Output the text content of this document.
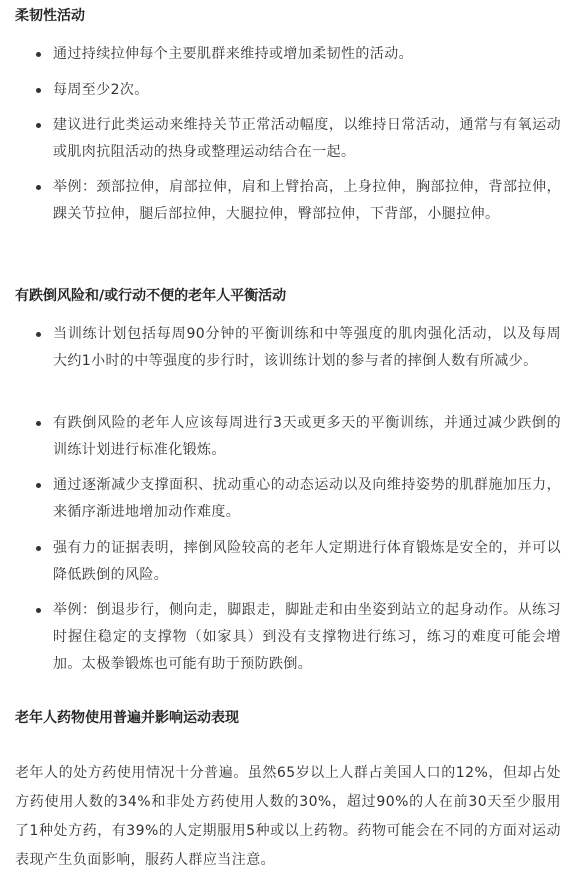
柔韧性活动
通过持续拉伸每个主要肌群来维持或增加柔韧性的活动。
每周至少2次。
建议进行此类运动来维持关节正常活动幅度，以维持日常活动，通常与有氧运动或肌肉抗阻活动的热身或整理运动结合在一起。
举例：颈部拉伸，肩部拉伸，肩和上臂抬高，上身拉伸，胸部拉伸，背部拉伸，踝关节拉伸，腿后部拉伸，大腿拉伸，臀部拉伸，下背部，小腿拉伸。
有跌倒风险和/或行动不便的老年人平衡活动
当训练计划包括每周90分钟的平衡训练和中等强度的肌肉强化活动，以及每周大约1小时的中等强度的步行时，该训练计划的参与者的摔倒人数有所减少。
有跌倒风险的老年人应该每周进行3天或更多天的平衡训练，并通过减少跌倒的训练计划进行标准化锻炼。
通过逐渐减少支撑面积、扰动重心的动态运动以及向维持姿势的肌群施加压力，来循序渐进地增加动作难度。
强有力的证据表明，摔倒风险较高的老年人定期进行体育锻炼是安全的，并可以降低跌倒的风险。
举例：倒退步行，侧向走，脚跟走，脚趾走和由坐姿到站立的起身动作。从练习时握住稳定的支撑物（如家具）到没有支撑物进行练习，练习的难度可能会增加。太极拳锻炼也可能有助于预防跌倒。
老年人药物使用普遍并影响运动表现

老年人的处方药使用情况十分普遍。虽然65岁以上人群占美国人口的12%，但却占处方药使用人数的34%和非处方药使用人数的30%，超过90%的人在前30天至少服用了1种处方药，有39%的人定期服用5种或以上药物。药物可能会在不同的方面对运动表现产生负面影响，服药人群应当注意。
